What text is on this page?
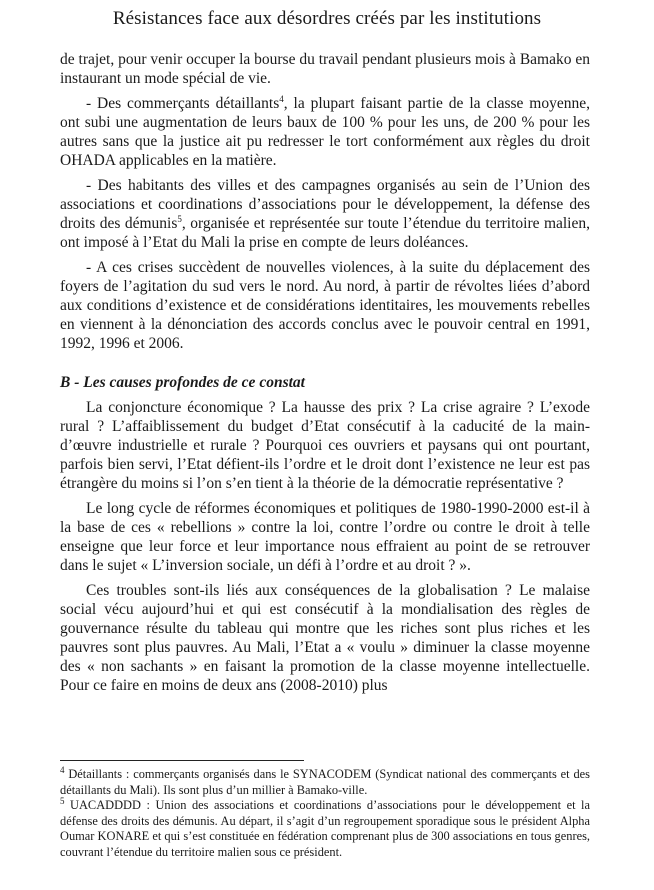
Résistances face aux désordres créés par les institutions

de trajet, pour venir occuper la bourse du travail pendant plusieurs mois à Bamako en instaurant un mode spécial de vie.

- Des commerçants détaillants$^4$, la plupart faisant partie de la classe moyenne, ont subi une augmentation de leurs baux de 100 % pour les uns, de 200 % pour les autres sans que la justice ait pu redresser le tort conformément aux règles du droit OHADA applicables en la matière.

- Des habitants des villes et des campagnes organisés au sein de l’Union des associations et coordinations d’associations pour le développement, la défense des droits des démunis$^5$, organisée et représentée sur toute l’étendue du territoire malien, ont imposé à l’Etat du Mali la prise en compte de leurs doléances.

- A ces crises succèdent de nouvelles violences, à la suite du déplacement des foyers de l’agitation du sud vers le nord. Au nord, à partir de révoltes liées d’abord aux conditions d’existence et de considérations identitaires, les mouvements rebelles en viennent à la dénonciation des accords conclus avec le pouvoir central en 1991, 1992, 1996 et 2006.

B - Les causes profondes de ce constat

La conjoncture économique ? La hausse des prix ? La crise agraire ? L’exode rural ? L’affaiblissement du budget d’Etat consécutif à la caducité de la main-d’œuvre industrielle et rurale ? Pourquoi ces ouvriers et paysans qui ont pourtant, parfois bien servi, l’Etat défient-ils l’ordre et le droit dont l’existence ne leur est pas étrangère du moins si l’on s’en tient à la théorie de la démocratie représentative ?

Le long cycle de réformes économiques et politiques de 1980-1990-2000 est-il à la base de ces « rebellions » contre la loi, contre l’ordre ou contre le droit à telle enseigne que leur force et leur importance nous effraient au point de se retrouver dans le sujet « L’inversion sociale, un défi à l’ordre et au droit ? ».

Ces troubles sont-ils liés aux conséquences de la globalisation ? Le malaise social vécu aujourd’hui et qui est consécutif à la mondialisation des règles de gouvernance résulte du tableau qui montre que les riches sont plus riches et les pauvres sont plus pauvres. Au Mali, l’Etat a « voulu » diminuer la classe moyenne des « non sachants » en faisant la promotion de la classe moyenne intellectuelle. Pour ce faire en moins de deux ans (2008-2010) plus

$^4$ Détaillants : commerçants organisés dans le SYNACODEM (Syndicat national des commerçants et des détaillants du Mali). Ils sont plus d’un millier à Bamako-ville.

$^5$ UACADDDD : Union des associations et coordinations d’associations pour le développement et la défense des droits des démunis. Au départ, il s’agit d’un regroupement sporadique sous le président Alpha Oumar KONARE et qui s’est constituée en fédération comprenant plus de 300 associations en tous genres, couvrant l’étendue du territoire malien sous ce président.
